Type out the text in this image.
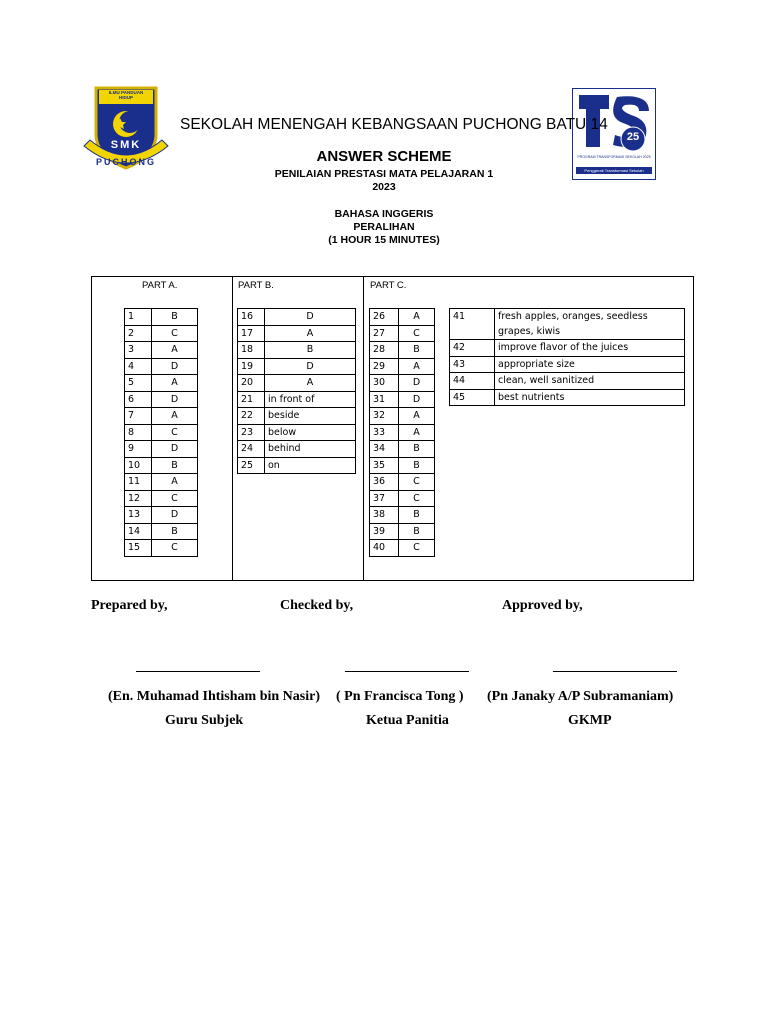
ILMU PANDUAN HIDUP
SMK
PUCHONG
25
PROGRAM TRANSFORMASI SEKOLAH 2025
Penggerak Transformasi Sekolah
SEKOLAH MENENGAH KEBANGSAAN PUCHONG BATU 14
ANSWER SCHEME
PENILAIAN PRESTASI MATA PELAJARAN 1
2023
BAHASA INGGERIS
PERALIHAN
(1 HOUR 15 MINUTES)
PART A.	PART B.	PART C.
1	B
2	C
3	A
4	D
5	A
6	D
7	A
8	C
9	D
10	B
11	A
12	C
13	D
14	B
15	C
16	D
17	A
18	B
19	D
20	A
21	in front of
22	beside
23	below
24	behind
25	on
26	A
27	C
28	B
29	A
30	D
31	D
32	A
33	A
34	B
35	B
36	C
37	C
38	B
39	B
40	C
41	fresh apples, oranges, seedless grapes, kiwis
42	improve flavor of the juices
43	appropriate size
44	clean, well sanitized
45	best nutrients
Prepared by,	Checked by,	Approved by,
(En. Muhamad Ihtisham bin Nasir) ( Pn Francisca Tong ) (Pn Janaky A/P Subramaniam)
Guru Subjek	Ketua Panitia	GKMP
